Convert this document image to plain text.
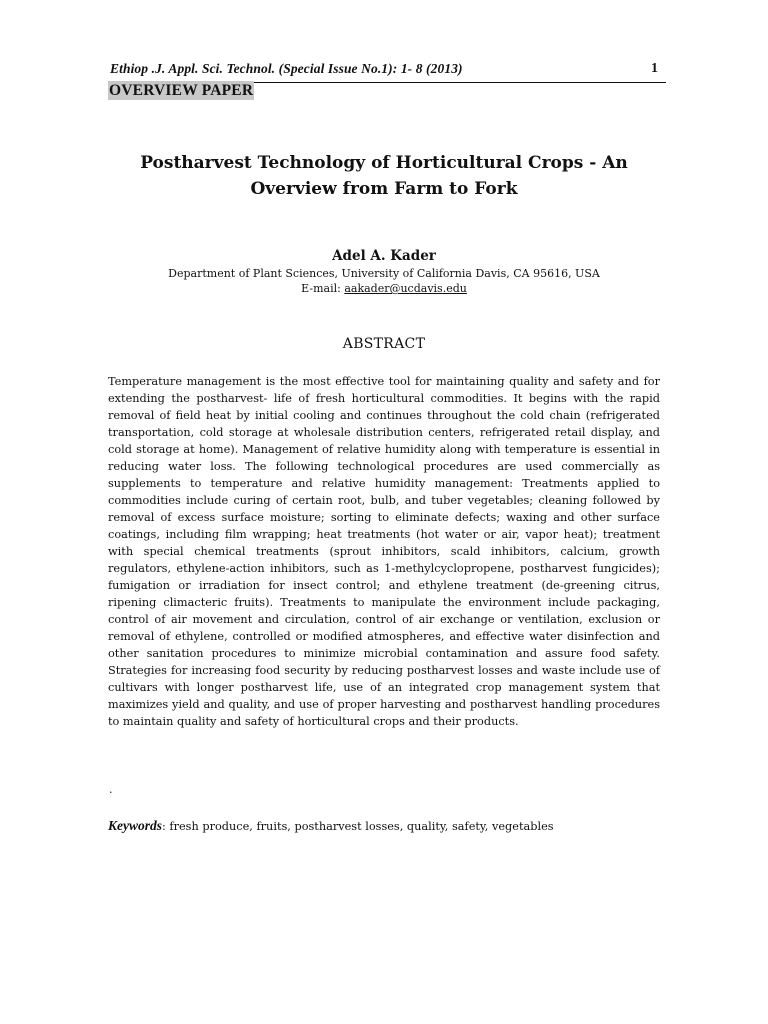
Ethiop .J. Appl. Sci. Technol. (Special Issue No.1): 1- 8 (2013)	1
OVERVIEW PAPER
Postharvest Technology of Horticultural Crops - An Overview from Farm to Fork
Adel A. Kader
Department of Plant Sciences, University of California Davis, CA 95616, USA
E-mail: aakader@ucdavis.edu
ABSTRACT
Temperature management is the most effective tool for maintaining quality and safety and for extending the postharvest- life of fresh horticultural commodities. It begins with the rapid removal of field heat by initial cooling and continues throughout the cold chain (refrigerated transportation, cold storage at wholesale distribution centers, refrigerated retail display, and cold storage at home). Management of relative humidity along with temperature is essential in reducing water loss. The following technological procedures are used commercially as supplements to temperature and relative humidity management: Treatments applied to commodities include curing of certain root, bulb, and tuber vegetables; cleaning followed by removal of excess surface moisture; sorting to eliminate defects; waxing and other surface coatings, including film wrapping; heat treatments (hot water or air, vapor heat); treatment with special chemical treatments (sprout inhibitors, scald inhibitors, calcium, growth regulators, ethylene-action inhibitors, such as 1-methylcyclopropene, postharvest fungicides); fumigation or irradiation for insect control; and ethylene treatment (de-greening citrus, ripening climacteric fruits). Treatments to manipulate the environment include packaging, control of air movement and circulation, control of air exchange or ventilation, exclusion or removal of ethylene, controlled or modified atmospheres, and effective water disinfection and other sanitation procedures to minimize microbial contamination and assure food safety. Strategies for increasing food security by reducing postharvest losses and waste include use of cultivars with longer postharvest life, use of an integrated crop management system that maximizes yield and quality, and use of proper harvesting and postharvest handling procedures to maintain quality and safety of horticultural crops and their products.
.
Keywords: fresh produce, fruits, postharvest losses, quality, safety, vegetables
